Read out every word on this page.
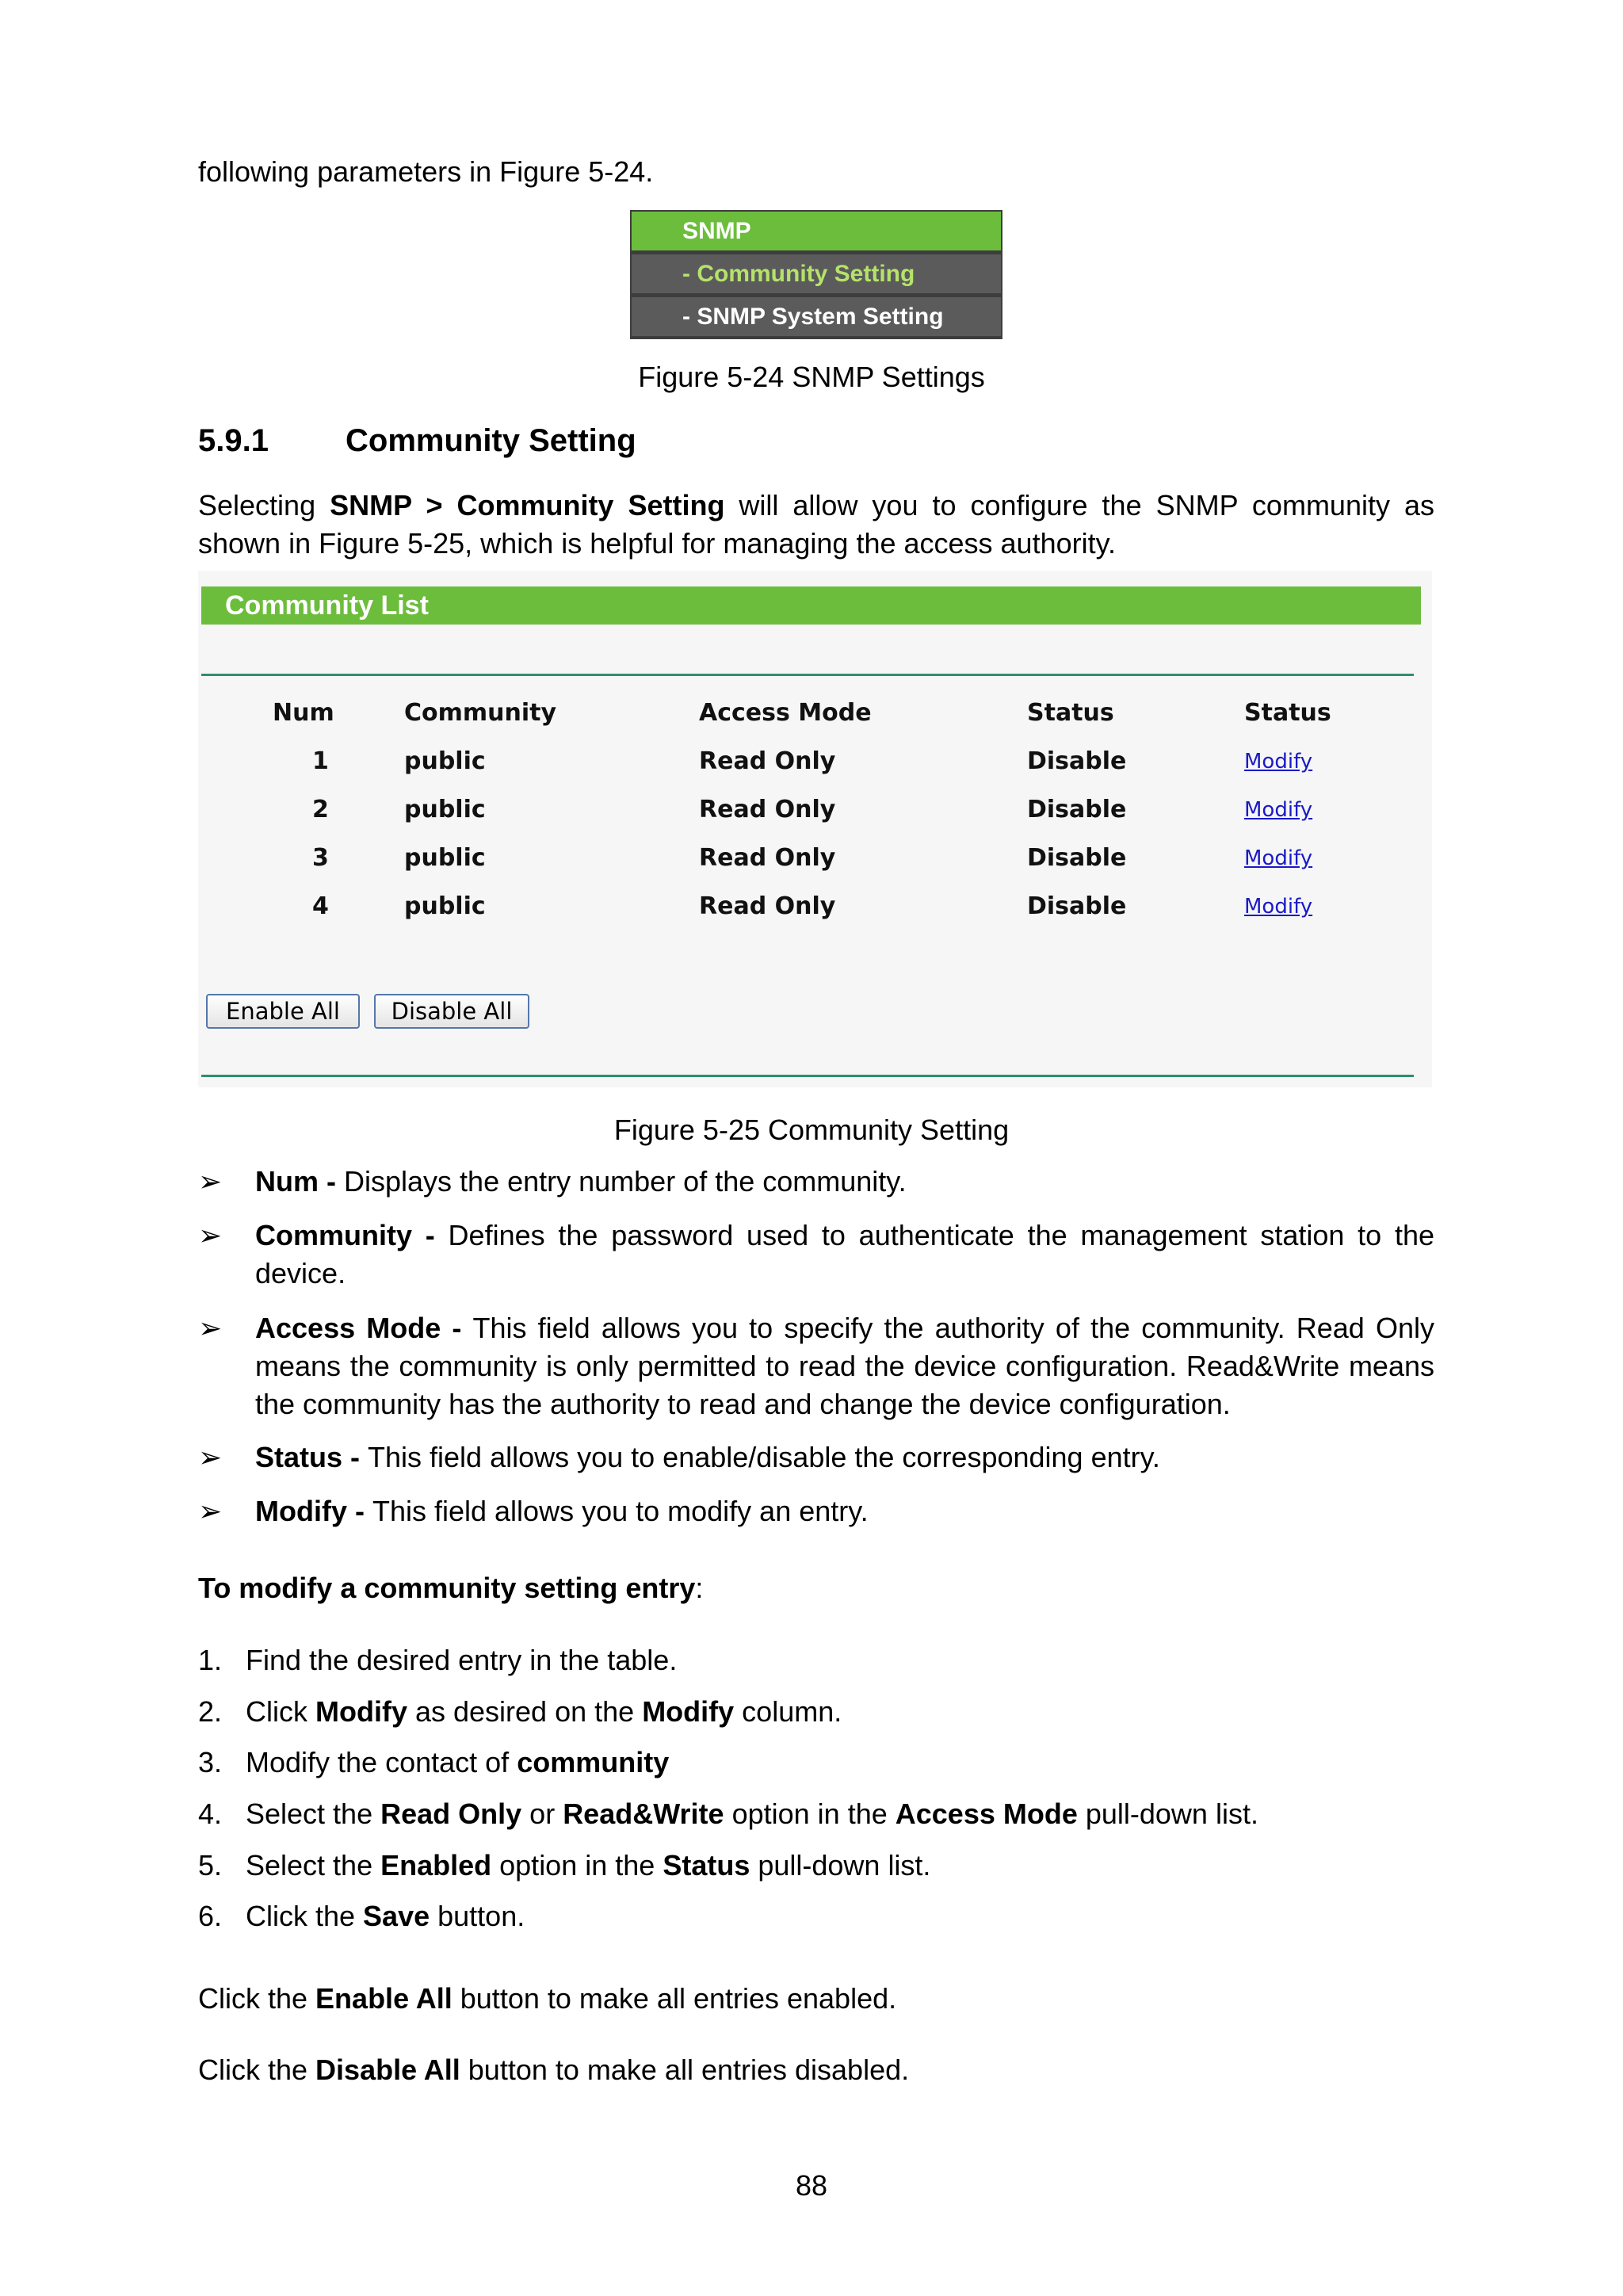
following parameters in Figure 5-24.
SNMP
- Community Setting
- SNMP System Setting
Figure 5-24 SNMP Settings
5.9.1 Community Setting
Selecting SNMP > Community Setting will allow you to configure the SNMP community as shown in Figure 5-25, which is helpful for managing the access authority.
Community List
Num	Community	Access Mode	Status	Status
1	public	Read Only	Disable	Modify
2	public	Read Only	Disable	Modify
3	public	Read Only	Disable	Modify
4	public	Read Only	Disable	Modify
Enable All	Disable All
Figure 5-25 Community Setting
➢ Num - Displays the entry number of the community.
➢ Community - Defines the password used to authenticate the management station to the device.
➢ Access Mode - This field allows you to specify the authority of the community. Read Only means the community is only permitted to read the device configuration. Read&Write means the community has the authority to read and change the device configuration.
➢ Status - This field allows you to enable/disable the corresponding entry.
➢ Modify - This field allows you to modify an entry.
To modify a community setting entry:
1. Find the desired entry in the table.
2. Click Modify as desired on the Modify column.
3. Modify the contact of community
4. Select the Read Only or Read&Write option in the Access Mode pull-down list.
5. Select the Enabled option in the Status pull-down list.
6. Click the Save button.
Click the Enable All button to make all entries enabled.
Click the Disable All button to make all entries disabled.
88
